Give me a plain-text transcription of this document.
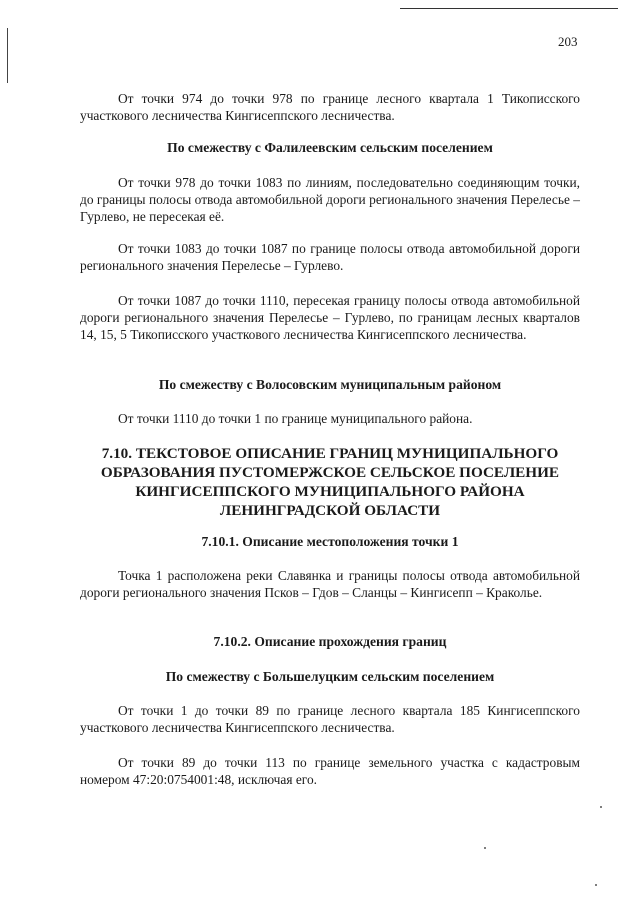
203

От точки 974 до точки 978 по границе лесного квартала 1 Тикописского участкового лесничества Кингисеппского лесничества.

По смежеству с Фалилеевским сельским поселением

От точки 978 до точки 1083 по линиям, последовательно соединяющим точки, до границы полосы отвода автомобильной дороги регионального значения Перелесье – Гурлево, не пересекая её.

От точки 1083 до точки 1087 по границе полосы отвода автомобильной дороги регионального значения Перелесье – Гурлево.

От точки 1087 до точки 1110, пересекая границу полосы отвода автомобильной дороги регионального значения Перелесье – Гурлево, по границам лесных кварталов 14, 15, 5 Тикописского участкового лесничества Кингисеппского лесничества.

По смежеству с Волосовским муниципальным районом

От точки 1110 до точки 1 по границе муниципального района.

7.10. ТЕКСТОВОЕ ОПИСАНИЕ ГРАНИЦ МУНИЦИПАЛЬНОГО ОБРАЗОВАНИЯ ПУСТОМЕРЖСКОЕ СЕЛЬСКОЕ ПОСЕЛЕНИЕ КИНГИСЕППСКОГО МУНИЦИПАЛЬНОГО РАЙОНА ЛЕНИНГРАДСКОЙ ОБЛАСТИ
7.10.1. Описание местоположения точки 1

Точка 1 расположена реки Славянка и границы полосы отвода автомобильной дороги регионального значения Псков – Гдов – Сланцы – Кингисепп – Краколье.

7.10.2. Описание прохождения границ
По смежеству с Большелуцким сельским поселением

От точки 1 до точки 89 по границе лесного квартала 185 Кингисеппского участкового лесничества Кингисеппского лесничества.

От точки 89 до точки 113 по границе земельного участка с кадастровым номером 47:20:0754001:48, исключая его.
